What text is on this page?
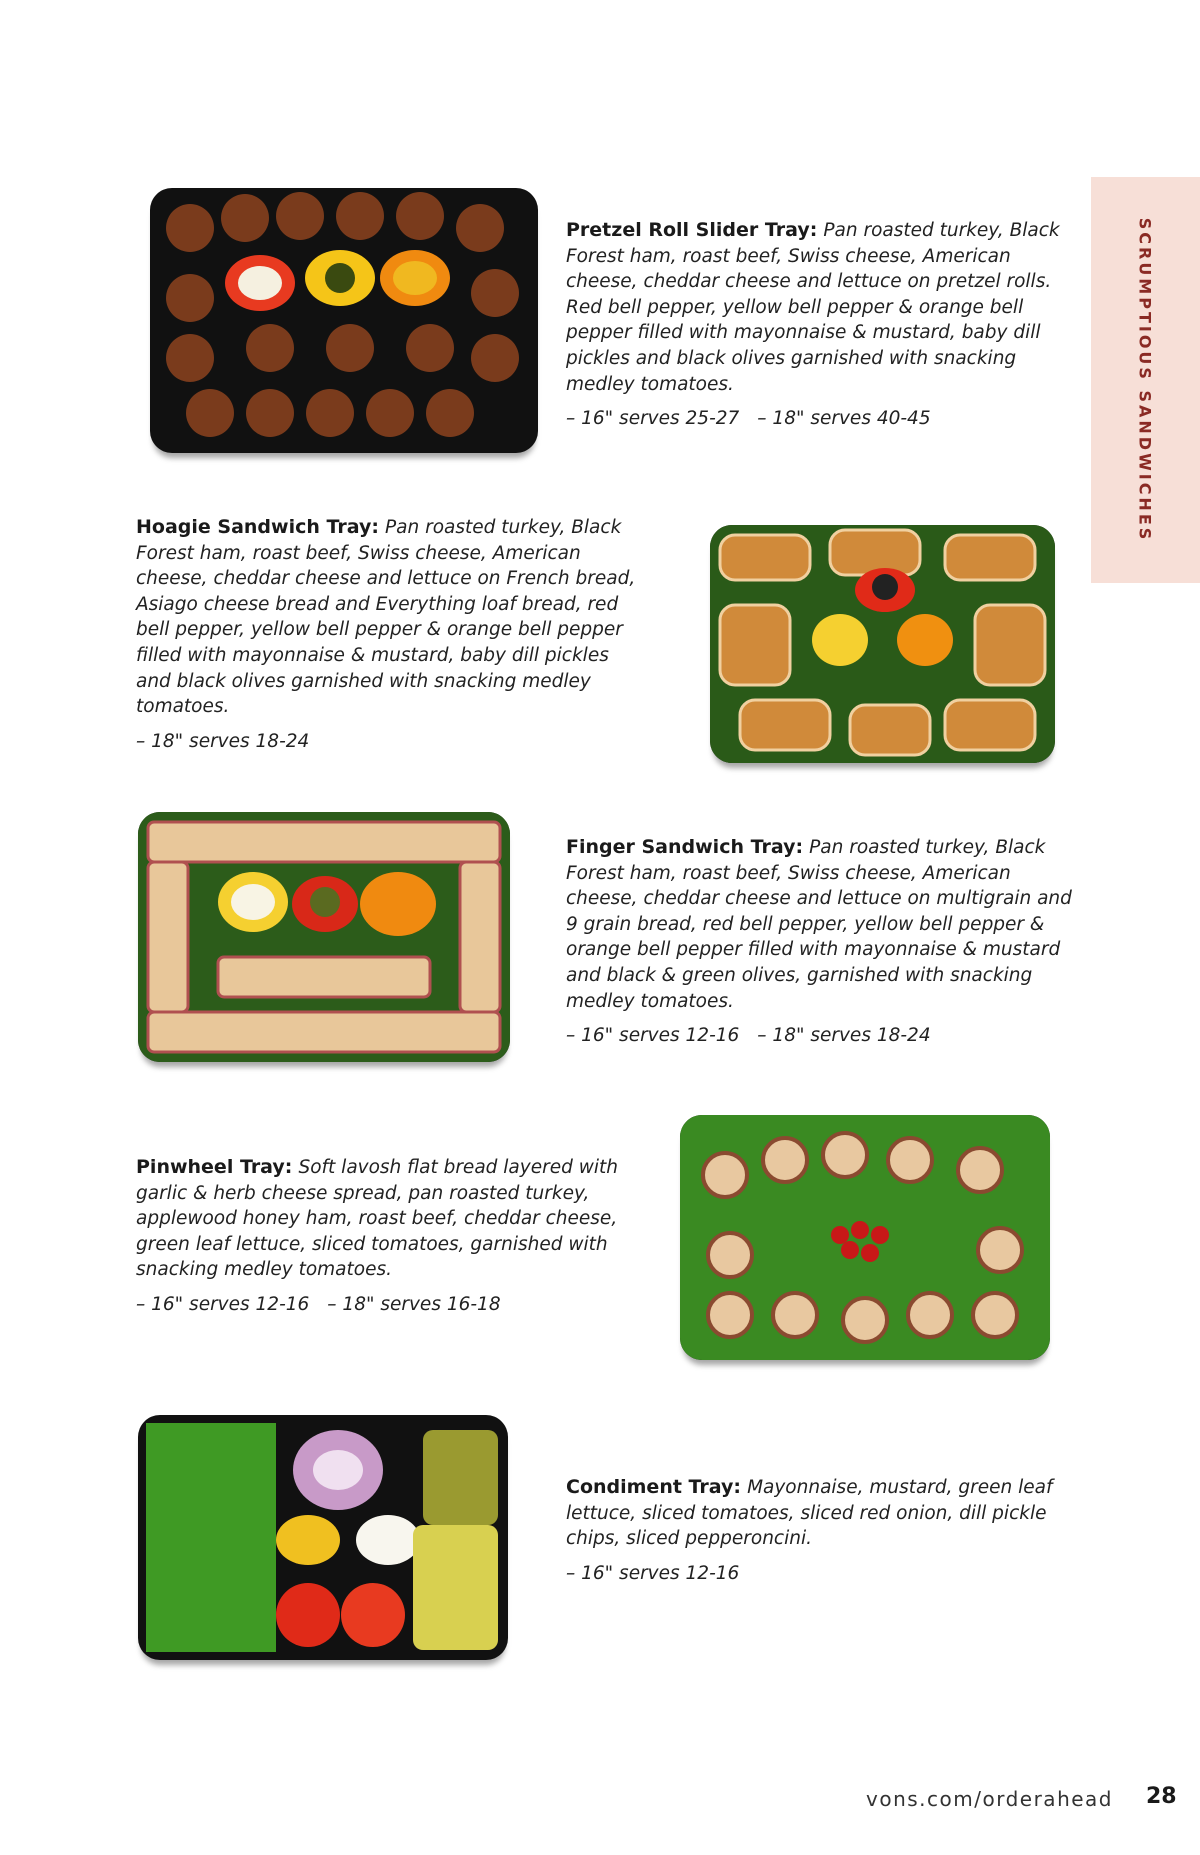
SCRUMPTIOUS SANDWICHES
Pretzel Roll Slider Tray: Pan roasted turkey, Black Forest ham, roast beef, Swiss cheese, American cheese, cheddar cheese and lettuce on pretzel rolls. Red bell pepper, yellow bell pepper & orange bell pepper filled with mayonnaise & mustard, baby dill pickles and black olives garnished with snacking medley tomatoes.
– 16" serves 25-27 – 18" serves 40-45
Hoagie Sandwich Tray: Pan roasted turkey, Black Forest ham, roast beef, Swiss cheese, American cheese, cheddar cheese and lettuce on French bread, Asiago cheese bread and Everything loaf bread, red bell pepper, yellow bell pepper & orange bell pepper filled with mayonnaise & mustard, baby dill pickles and black olives garnished with snacking medley tomatoes.
– 18" serves 18-24
Finger Sandwich Tray: Pan roasted turkey, Black Forest ham, roast beef, Swiss cheese, American cheese, cheddar cheese and lettuce on multigrain and 9 grain bread, red bell pepper, yellow bell pepper & orange bell pepper filled with mayonnaise & mustard and black & green olives, garnished with snacking medley tomatoes.
– 16" serves 12-16 – 18" serves 18-24
Pinwheel Tray: Soft lavosh flat bread layered with garlic & herb cheese spread, pan roasted turkey, applewood honey ham, roast beef, cheddar cheese, green leaf lettuce, sliced tomatoes, garnished with snacking medley tomatoes.
– 16" serves 12-16 – 18" serves 16-18
Condiment Tray: Mayonnaise, mustard, green leaf lettuce, sliced tomatoes, sliced red onion, dill pickle chips, sliced pepperoncini.
– 16" serves 12-16
vons.com/orderahead 28
